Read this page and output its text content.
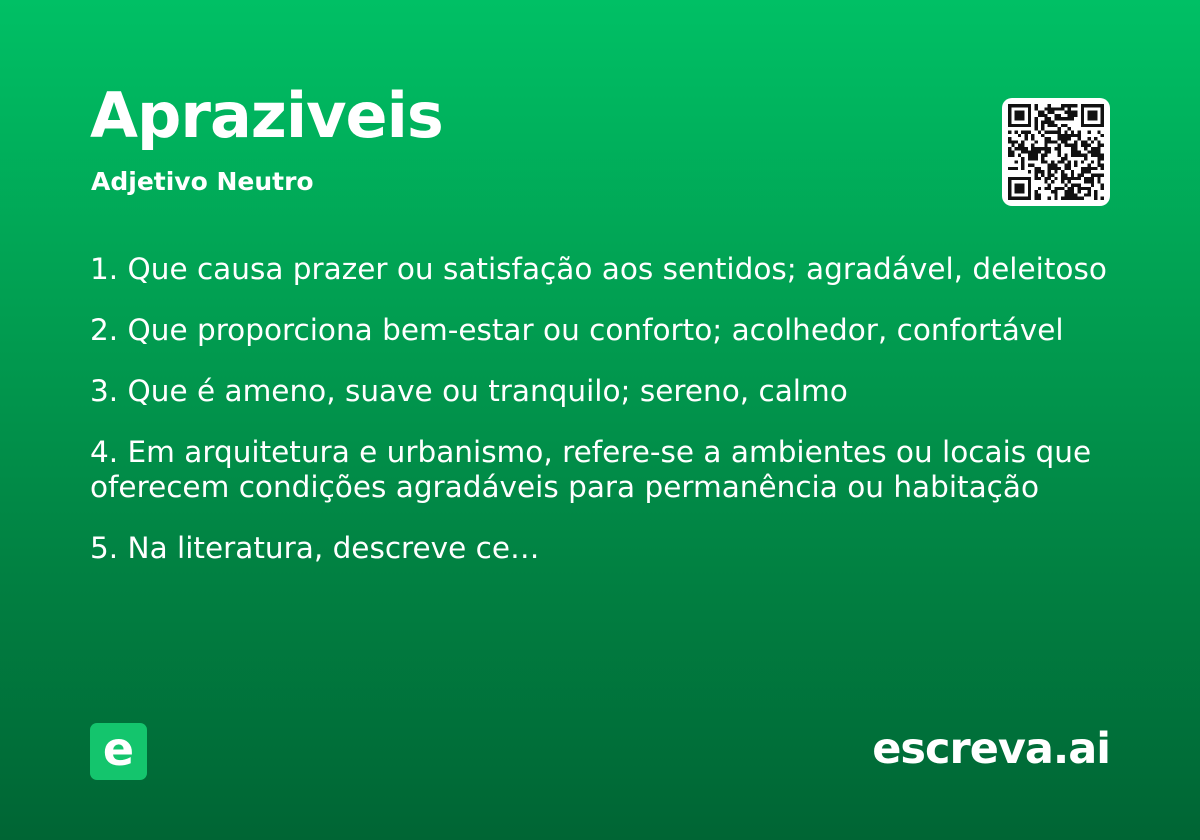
Apraziveis
Adjetivo Neutro
1. Que causa prazer ou satisfação aos sentidos; agradável, deleitoso
2. Que proporciona bem-estar ou conforto; acolhedor, confortável
3. Que é ameno, suave ou tranquilo; sereno, calmo
4. Em arquitetura e urbanismo, refere-se a ambientes ou locais que oferecem condições agradáveis para permanência ou habitação
5. Na literatura, descreve ce…
e	escreva.ai
